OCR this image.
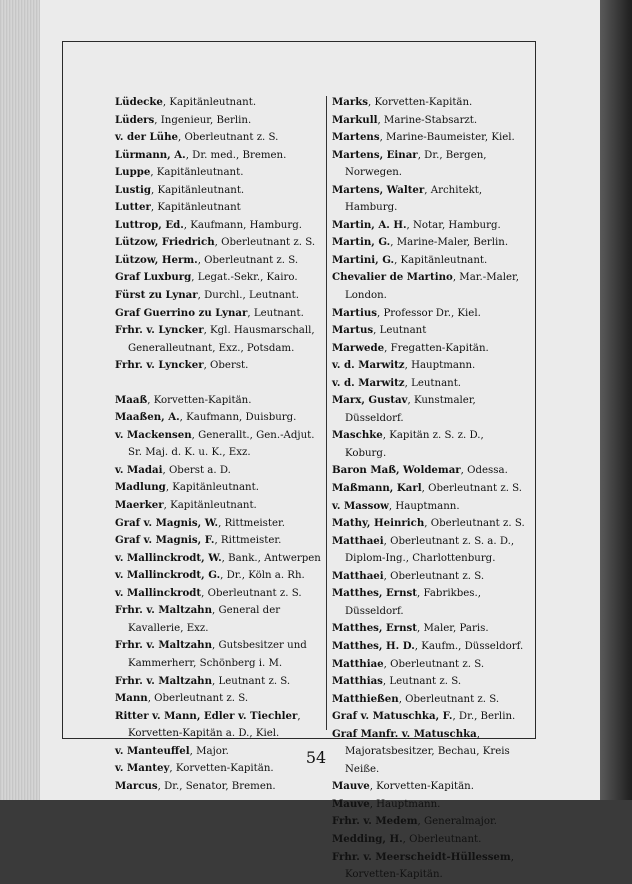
Lüdecke, Kapitänleutnant.
Lüders, Ingenieur, Berlin.
v. der Lühe, Oberleutnant z. S.
Lürmann, A., Dr. med., Bremen.
Luppe, Kapitänleutnant.
Lustig, Kapitänleutnant.
Lutter, Kapitänleutnant
Luttrop, Ed., Kaufmann, Hamburg.
Lützow, Friedrich, Oberleutnant z. S.
Lützow, Herm., Oberleutnant z. S.
Graf Luxburg, Legat.-Sekr., Kairo.
Fürst zu Lynar, Durchl., Leutnant.
Graf Guerrino zu Lynar, Leutnant.
Frhr. v. Lyncker, Kgl. Hausmarschall, Generalleutnant, Exz., Potsdam.
Frhr. v. Lyncker, Oberst.
Maaß, Korvetten-Kapitän.
Maaßen, A., Kaufmann, Duisburg.
v. Mackensen, Generallt., Gen.-Adjut. Sr. Maj. d. K. u. K., Exz.
v. Madai, Oberst a. D.
Madlung, Kapitänleutnant.
Maerker, Kapitänleutnant.
Graf v. Magnis, W., Rittmeister.
Graf v. Magnis, F., Rittmeister.
v. Mallinckrodt, W., Bank., Antwerpen
v. Mallinckrodt, G., Dr., Köln a. Rh.
v. Mallinckrodt, Oberleutnant z. S.
Frhr. v. Maltzahn, General der Kavallerie, Exz.
Frhr. v. Maltzahn, Gutsbesitzer und Kammerherr, Schönberg i. M.
Frhr. v. Maltzahn, Leutnant z. S.
Mann, Oberleutnant z. S.
Ritter v. Mann, Edler v. Tiechler, Korvetten-Kapitän a. D., Kiel.
v. Manteuffel, Major.
v. Mantey, Korvetten-Kapitän.
Marcus, Dr., Senator, Bremen.
Marks, Korvetten-Kapitän.
Markull, Marine-Stabsarzt.
Martens, Marine-Baumeister, Kiel.
Martens, Einar, Dr., Bergen, Norwegen.
Martens, Walter, Architekt, Hamburg.
Martin, A. H., Notar, Hamburg.
Martin, G., Marine-Maler, Berlin.
Martini, G., Kapitänleutnant.
Chevalier de Martino, Mar.-Maler, London.
Martius, Professor Dr., Kiel.
Martus, Leutnant
Marwede, Fregatten-Kapitän.
v. d. Marwitz, Hauptmann.
v. d. Marwitz, Leutnant.
Marx, Gustav, Kunstmaler, Düsseldorf.
Maschke, Kapitän z. S. z. D., Koburg.
Baron Maß, Woldemar, Odessa.
Maßmann, Karl, Oberleutnant z. S.
v. Massow, Hauptmann.
Mathy, Heinrich, Oberleutnant z. S.
Matthaei, Oberleutnant z. S. a. D., Diplom-Ing., Charlottenburg.
Matthaei, Oberleutnant z. S.
Matthes, Ernst, Fabrikbes., Düsseldorf.
Matthes, Ernst, Maler, Paris.
Matthes, H. D., Kaufm., Düsseldorf.
Matthiae, Oberleutnant z. S.
Matthias, Leutnant z. S.
Matthießen, Oberleutnant z. S.
Graf v. Matuschka, F., Dr., Berlin.
Graf Manfr. v. Matuschka, Majoratsbesitzer, Bechau, Kreis Neiße.
Mauve, Korvetten-Kapitän.
Mauve, Hauptmann.
Frhr. v. Medem, Generalmajor.
Medding, H., Oberleutnant.
Frhr. v. Meerscheidt-Hüllessem, Korvetten-Kapitän.
54
